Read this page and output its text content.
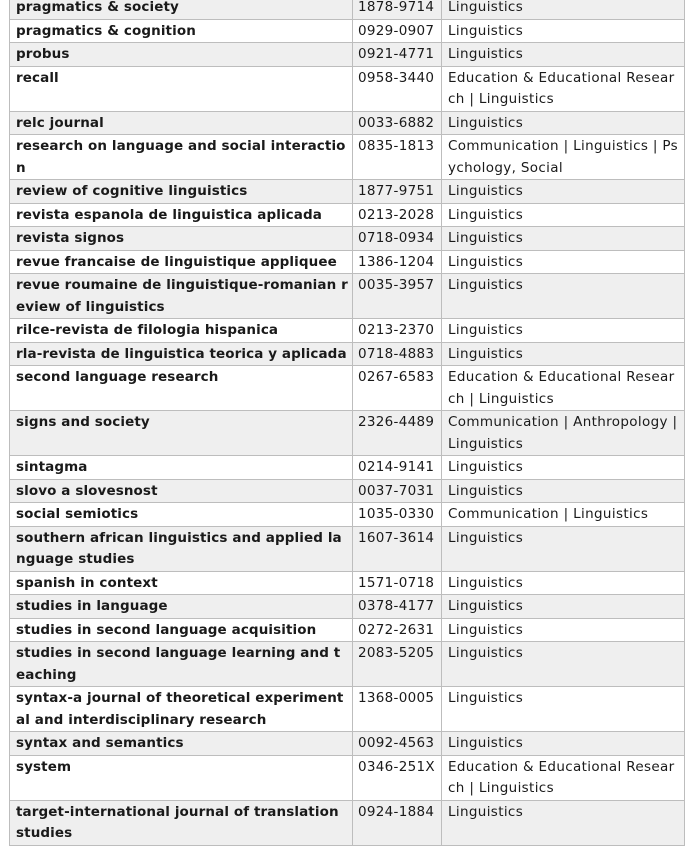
pragmatics & society	1878-9714	Linguistics
pragmatics & cognition	0929-0907	Linguistics
probus	0921-4771	Linguistics
recall	0958-3440	Education & Educational Research | Linguistics
relc journal	0033-6882	Linguistics
research on language and social interaction	0835-1813	Communication | Linguistics | Psychology, Social
review of cognitive linguistics	1877-9751	Linguistics
revista espanola de linguistica aplicada	0213-2028	Linguistics
revista signos	0718-0934	Linguistics
revue francaise de linguistique appliquee	1386-1204	Linguistics
revue roumaine de linguistique-romanian review of linguistics	0035-3957	Linguistics
rilce-revista de filologia hispanica	0213-2370	Linguistics
rla-revista de linguistica teorica y aplicada	0718-4883	Linguistics
second language research	0267-6583	Education & Educational Research | Linguistics
signs and society	2326-4489	Communication | Anthropology | Linguistics
sintagma	0214-9141	Linguistics
slovo a slovesnost	0037-7031	Linguistics
social semiotics	1035-0330	Communication | Linguistics
southern african linguistics and applied language studies	1607-3614	Linguistics
spanish in context	1571-0718	Linguistics
studies in language	0378-4177	Linguistics
studies in second language acquisition	0272-2631	Linguistics
studies in second language learning and teaching	2083-5205	Linguistics
syntax-a journal of theoretical experimental and interdisciplinary research	1368-0005	Linguistics
syntax and semantics	0092-4563	Linguistics
system	0346-251X	Education & Educational Research | Linguistics
target-international journal of translation studies	0924-1884	Linguistics
